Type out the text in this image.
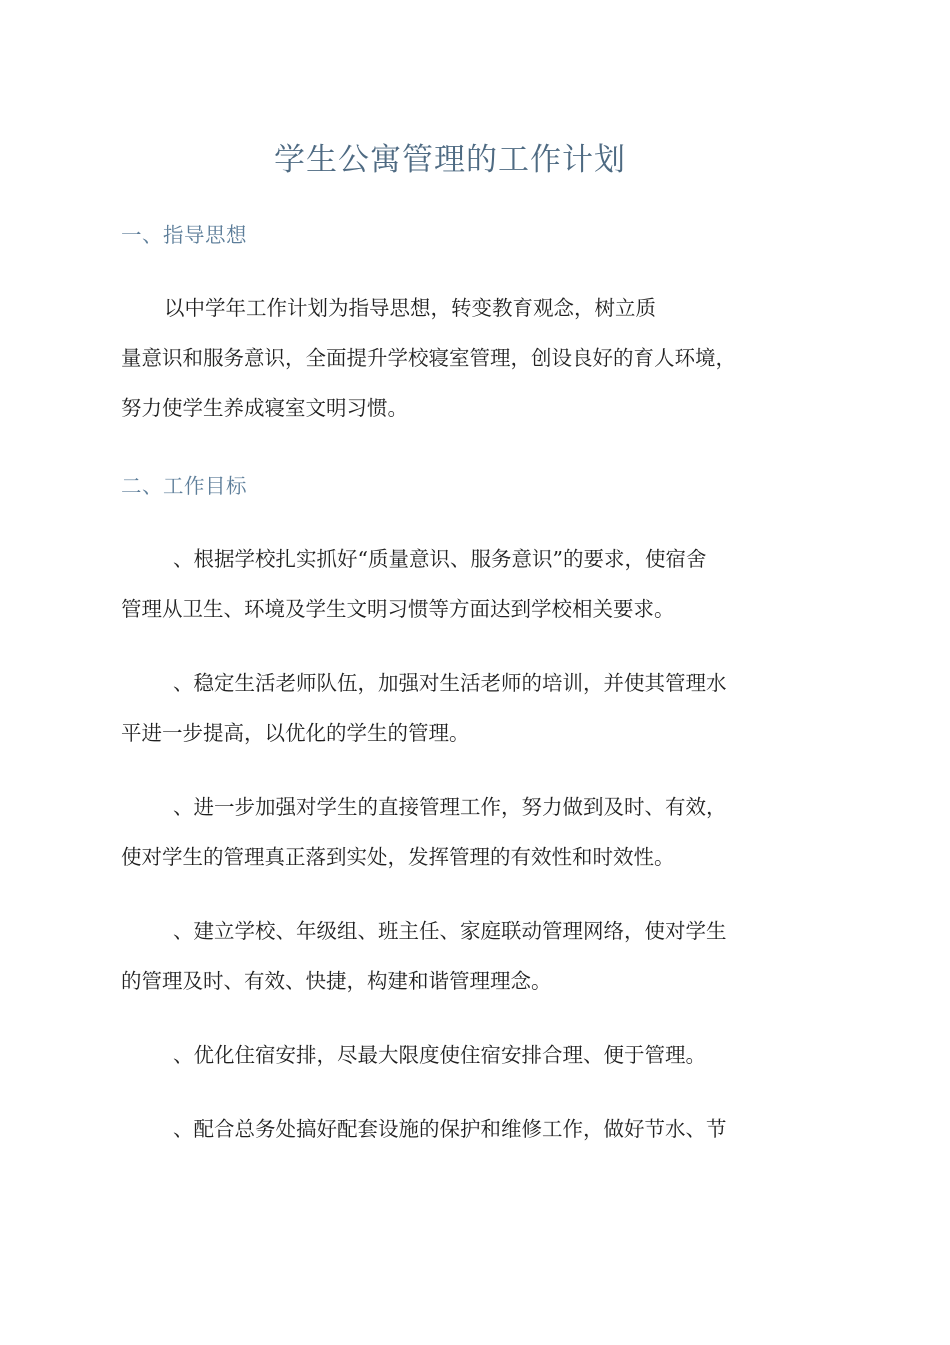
学生公寓管理的工作计划
一、指导思想
以中学年工作计划为指导思想，转变教育观念，树立质
量意识和服务意识，全面提升学校寝室管理，创设良好的育人环境，
努力使学生养成寝室文明习惯。
二、工作目标
、根据学校扎实抓好“质量意识、服务意识”的要求，使宿舍
管理从卫生、环境及学生文明习惯等方面达到学校相关要求。
、稳定生活老师队伍，加强对生活老师的培训，并使其管理水
平进一步提高，以优化的学生的管理。
、进一步加强对学生的直接管理工作，努力做到及时、有效，
使对学生的管理真正落到实处，发挥管理的有效性和时效性。
、建立学校、年级组、班主任、家庭联动管理网络，使对学生
的管理及时、有效、快捷，构建和谐管理理念。
、优化住宿安排，尽最大限度使住宿安排合理、便于管理。
、配合总务处搞好配套设施的保护和维修工作，做好节水、节
